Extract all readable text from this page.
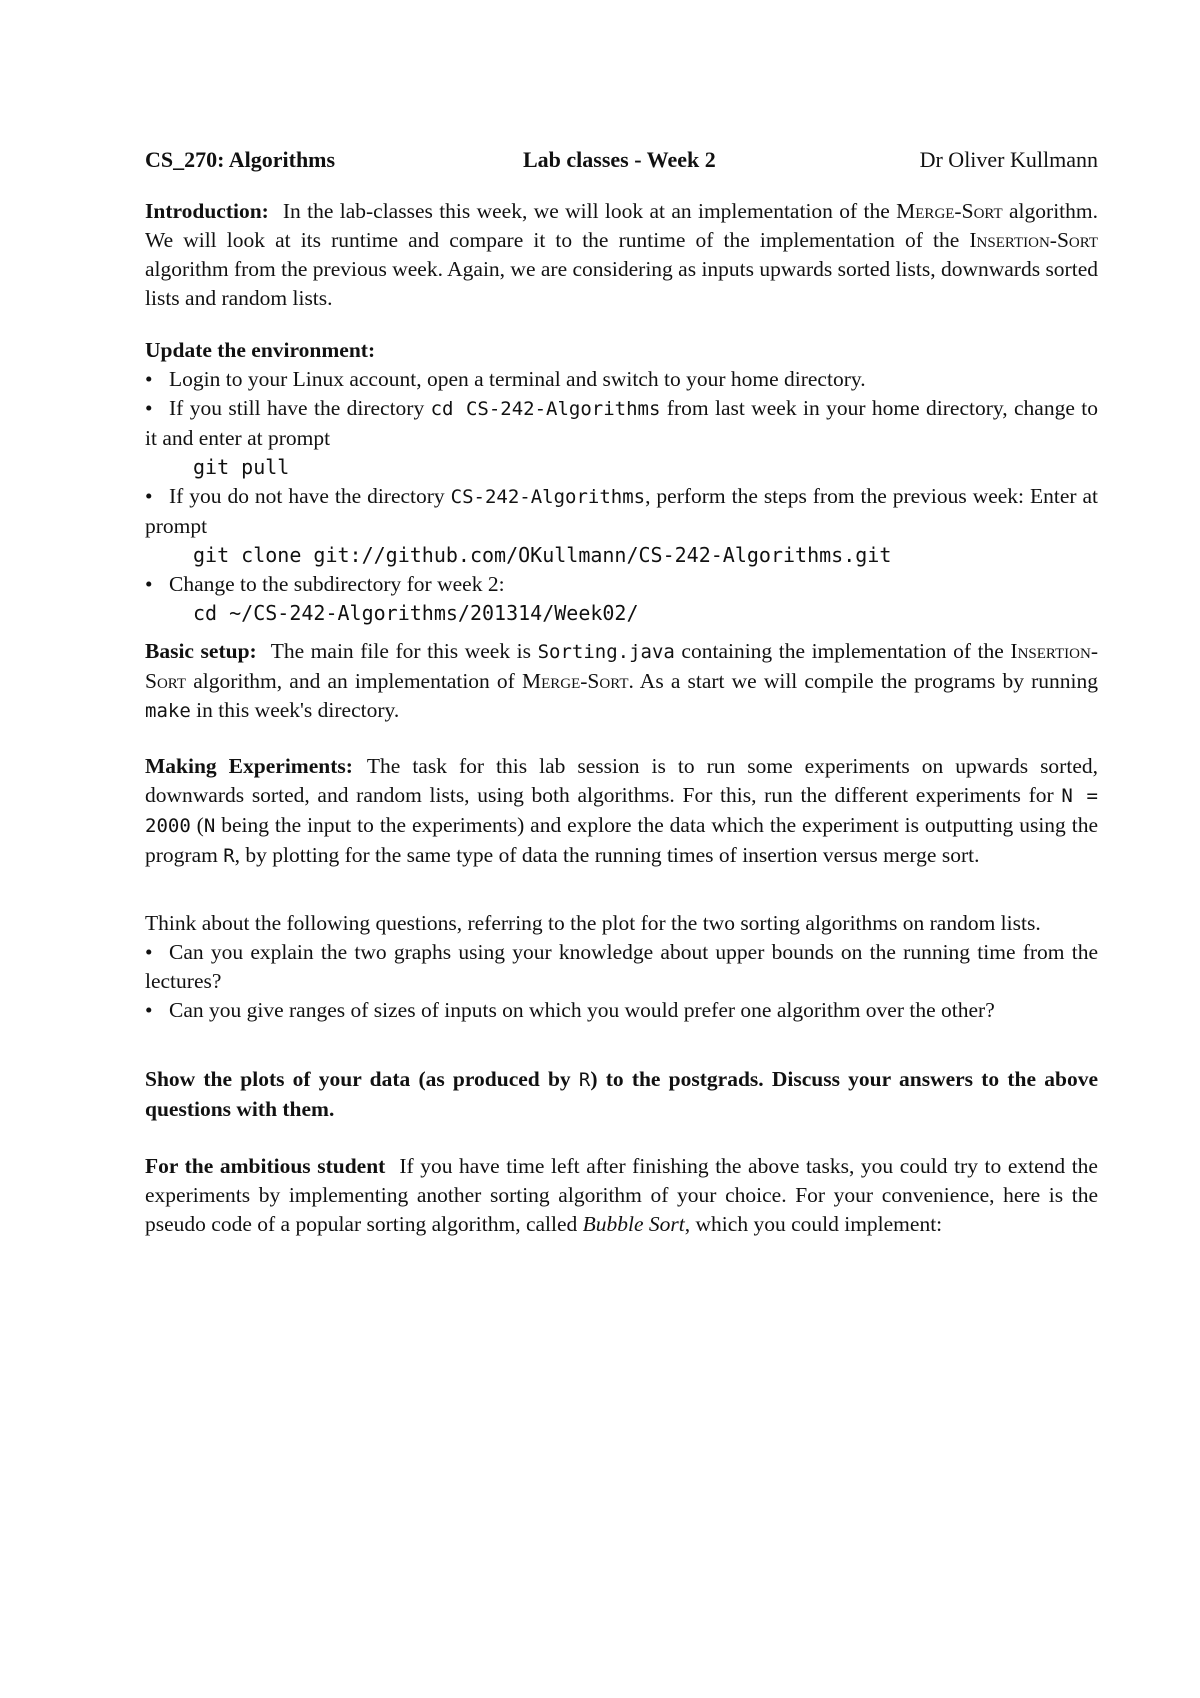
CS_270: Algorithms	Lab classes - Week 2	Dr Oliver Kullmann

Introduction: In the lab-classes this week, we will look at an implementation of the Merge-Sort algorithm. We will look at its runtime and compare it to the runtime of the implementation of the Insertion-Sort algorithm from the previous week. Again, we are considering as inputs upwards sorted lists, downwards sorted lists and random lists.

Update the environment:

• Login to your Linux account, open a terminal and switch to your home directory.

• If you still have the directory cd CS-242-Algorithms from last week in your home directory, change to it and enter at prompt

git pull

• If you do not have the directory CS-242-Algorithms, perform the steps from the previous week: Enter at prompt

git clone git://github.com/OKullmann/CS-242-Algorithms.git

• Change to the subdirectory for week 2:

cd ~/CS-242-Algorithms/201314/Week02/

Basic setup: The main file for this week is Sorting.java containing the implementation of the Insertion-Sort algorithm, and an implementation of Merge-Sort. As a start we will compile the programs by running make in this week's directory.

Making Experiments: The task for this lab session is to run some experiments on upwards sorted, downwards sorted, and random lists, using both algorithms. For this, run the different experiments for N = 2000 (N being the input to the experiments) and explore the data which the experiment is outputting using the program R, by plotting for the same type of data the running times of insertion versus merge sort.

Think about the following questions, referring to the plot for the two sorting algorithms on random lists.

• Can you explain the two graphs using your knowledge about upper bounds on the running time from the lectures?

• Can you give ranges of sizes of inputs on which you would prefer one algorithm over the other?

Show the plots of your data (as produced by R) to the postgrads. Discuss your answers to the above questions with them.

For the ambitious student If you have time left after finishing the above tasks, you could try to extend the experiments by implementing another sorting algorithm of your choice. For your convenience, here is the pseudo code of a popular sorting algorithm, called Bubble Sort, which you could implement:
